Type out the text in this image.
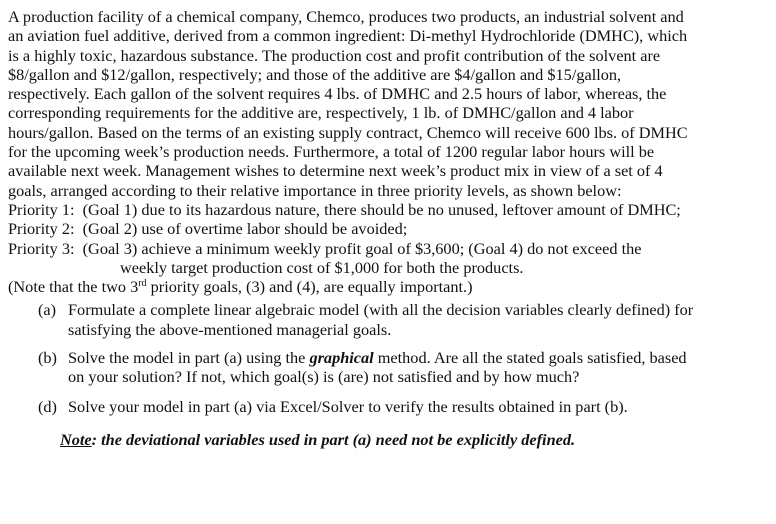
A production facility of a chemical company, Chemco, produces two products, an industrial solvent and
an aviation fuel additive, derived from a common ingredient: Di-methyl Hydrochloride (DMHC), which
is a highly toxic, hazardous substance. The production cost and profit contribution of the solvent are
$8/gallon and $12/gallon, respectively; and those of the additive are $4/gallon and $15/gallon,
respectively. Each gallon of the solvent requires 4 lbs. of DMHC and 2.5 hours of labor, whereas, the
corresponding requirements for the additive are, respectively, 1 lb. of DMHC/gallon and 4 labor
hours/gallon. Based on the terms of an existing supply contract, Chemco will receive 600 lbs. of DMHC
for the upcoming week’s production needs. Furthermore, a total of 1200 regular labor hours will be
available next week. Management wishes to determine next week’s product mix in view of a set of 4
goals, arranged according to their relative importance in three priority levels, as shown below:

Priority 1: (Goal 1) due to its hazardous nature, there should be no unused, leftover amount of DMHC;
Priority 2: (Goal 2) use of overtime labor should be avoided;
Priority 3: (Goal 3) achieve a minimum weekly profit goal of $3,600; (Goal 4) do not exceed the
weekly target production cost of $1,000 for both the products.
(Note that the two 3rd priority goals, (3) and (4), are equally important.)
(a) Formulate a complete linear algebraic model (with all the decision variables clearly defined) for
satisfying the above-mentioned managerial goals.
(b) Solve the model in part (a) using the graphical method. Are all the stated goals satisfied, based
on your solution? If not, which goal(s) is (are) not satisfied and by how much?
(d) Solve your model in part (a) via Excel/Solver to verify the results obtained in part (b).

Note: the deviational variables used in part (a) need not be explicitly defined.
